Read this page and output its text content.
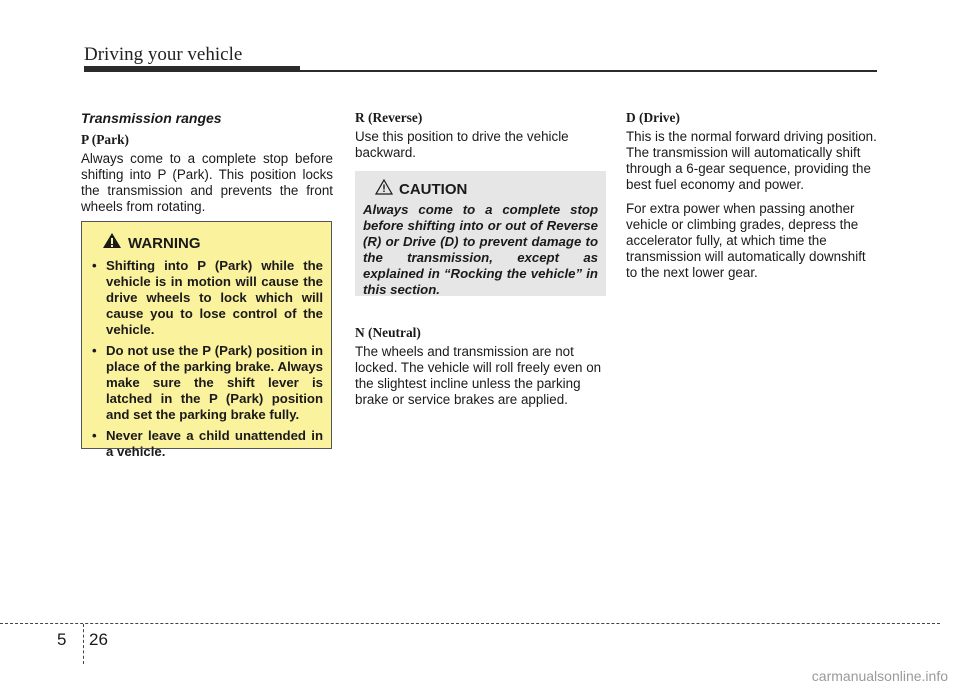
Driving your vehicle
Transmission ranges
P (Park)

Always come to a complete stop before shifting into P (Park). This position locks the transmission and prevents the front wheels from rotating.

WARNING
• Shifting into P (Park) while the vehicle is in motion will cause the drive wheels to lock which will cause you to lose control of the vehicle.
• Do not use the P (Park) position in place of the parking brake. Always make sure the shift lever is latched in the P (Park) position and set the parking brake fully.
• Never leave a child unattended in a vehicle.
R (Reverse)

Use this position to drive the vehicle backward.

CAUTION

Always come to a complete stop before shifting into or out of Reverse (R) or Drive (D) to prevent damage to the transmission, except as explained in “Rocking the vehicle” in this section.

N (Neutral)

The wheels and transmission are not locked. The vehicle will roll freely even on the slightest incline unless the parking brake or service brakes are applied.

D (Drive)

This is the normal forward driving position. The transmission will automatically shift through a 6-gear sequence, providing the best fuel economy and power.

For extra power when passing another vehicle or climbing grades, depress the accelerator fully, at which time the transmission will automatically downshift to the next lower gear.

5 26
carmanualsonline.info
